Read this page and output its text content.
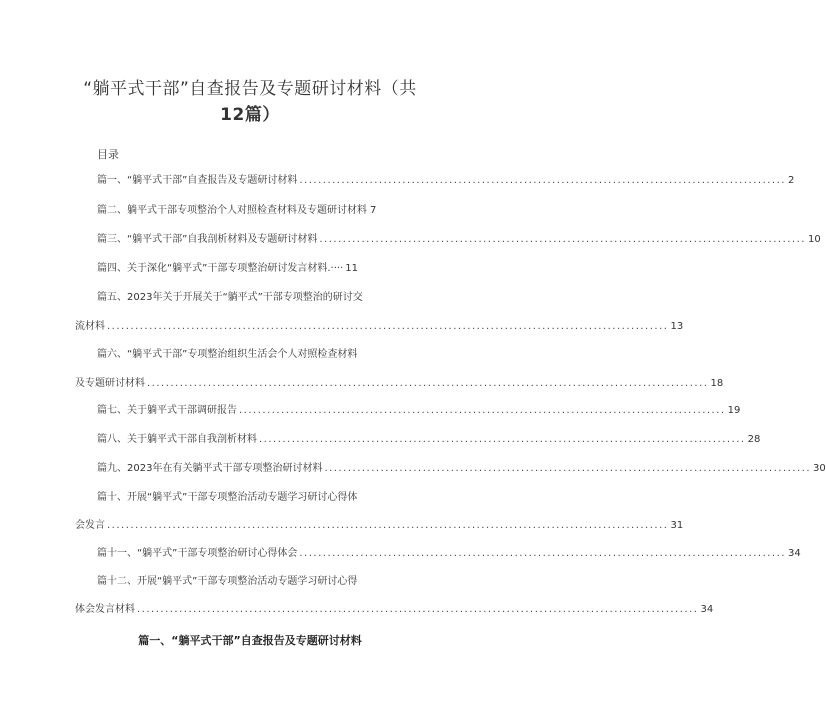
“躺平式干部”自查报告及专题研讨材料（共
12篇）
目录
篇一、“躺平式干部”自查报告及专题研讨材料 ........................................................................................................ 2
篇二、躺平式干部专项整治个人对照检查材料及专题研讨材料 7
篇三、“躺平式干部”自我剖析材料及专题研讨材料 ........................................................................................................ 10
篇四、关于深化“躺平式”干部专项整治研讨发言材料.···· 11
篇五、2023年关于开展关于“躺平式”干部专项整治的研讨交
流材料 ........................................................................................................................ 13
篇六、“躺平式干部”专项整治组织生活会个人对照检查材料
及专题研讨材料 ........................................................................................................................ 18
篇七、关于躺平式干部调研报告 ........................................................................................................ 19
篇八、关于躺平式干部自我剖析材料 ........................................................................................................ 28
篇九、2023年在有关躺平式干部专项整治研讨材料 ........................................................................................................ 30
篇十、开展“躺平式”干部专项整治活动专题学习研讨心得体
会发言 ........................................................................................................................ 31
篇十一、“躺平式”干部专项整治研讨心得体会 ........................................................................................................ 34
篇十二、开展“躺平式”干部专项整治活动专题学习研讨心得
体会发言材料 ........................................................................................................................ 34
篇一、“躺平式干部”自查报告及专题研讨材料
